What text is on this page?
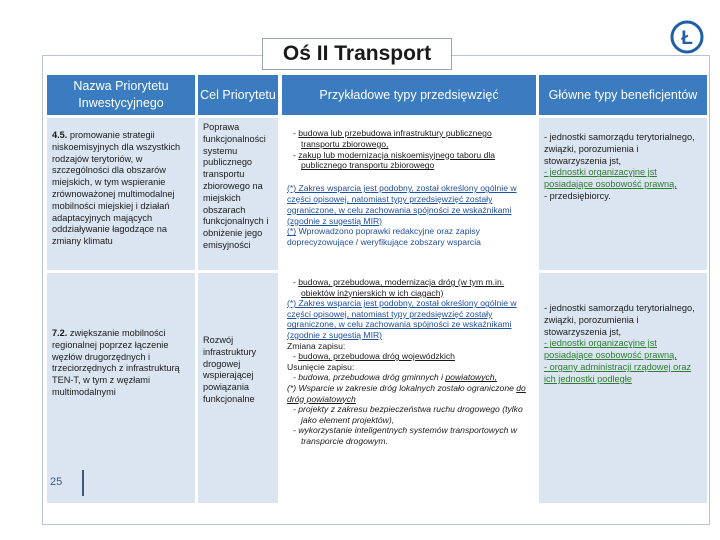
Oś II Transport
Ł
Nazwa Priorytetu Inwestycyjnego
Cel Priorytetu	Przykładowe typy przedsięwzięć	Główne typy beneficjentów
4.5. promowanie strategii niskoemisyjnych dla wszystkich rodzajów terytoriów, w szczególności dla obszarów miejskich, w tym wspieranie zrównoważonej multimodalnej mobilności miejskiej i działań adaptacyjnych mających oddziaływanie łagodzące na zmiany klimatu
Poprawa funkcjonalności systemu publicznego transportu zbiorowego na miejskich obszarach funkcjonalnych i obniżenie jego emisyjności

- budowa lub przebudowa infrastruktury publicznego transportu zbiorowego,

- zakup lub modernizacja niskoemisyjnego taboru dla publicznego transportu zbiorowego

(*) Zakres wsparcia jest podobny, został określony ogólnie w części opisowej, natomiast typy przedsięwzięć zostały ograniczone, w celu zachowania spójności ze wskaźnikami (zgodnie z sugestią MIR)

(*) Wprowadzono poprawki redakcyjne oraz zapisy doprecyzowujące / weryfikujące zobszary wsparcia

- jednostki samorządu terytorialnego, związki, porozumienia i stowarzyszenia jst,

- jednostki organizacyjne jst posiadające osobowość prawną,

- przedsiębiorcy.

7.2. zwiększanie mobilności regionalnej poprzez łączenie węzłów drugorzędnych i trzeciorzędnych z infrastrukturą TEN-T, w tym z węzłami multimodalnymi
Rozwój infrastruktury drogowej wspierającej powiązania funkcjonalne

- budowa, przebudowa, modernizacja dróg (w tym m.in. obiektów inżynierskich w ich ciągach)

(*) Zakres wsparcia jest podobny, został określony ogólnie w części opisowej, natomiast typy przedsięwzięć zostały ograniczone, w celu zachowania spójności ze wskaźnikami (zgodnie z sugestią MIR)

Zmiana zapisu:

- budowa, przebudowa dróg wojewódzkich

Usunięcie zapisu:

- budowa, przebudowa dróg gminnych i powiatowych,

(*) Wsparcie w zakresie dróg lokalnych zostało ograniczone do dróg powiatowych

- projekty z zakresu bezpieczeństwa ruchu drogowego (tylko jako element projektów),

- wykorzystanie inteligentnych systemów transportowych w transporcie drogowym.

- jednostki samorządu terytorialnego, związki, porozumienia i stowarzyszenia jst,

- jednostki organizacyjne jst posiadające osobowość prawną,

- organy administracji rządowej oraz ich jednostki podległe

25
